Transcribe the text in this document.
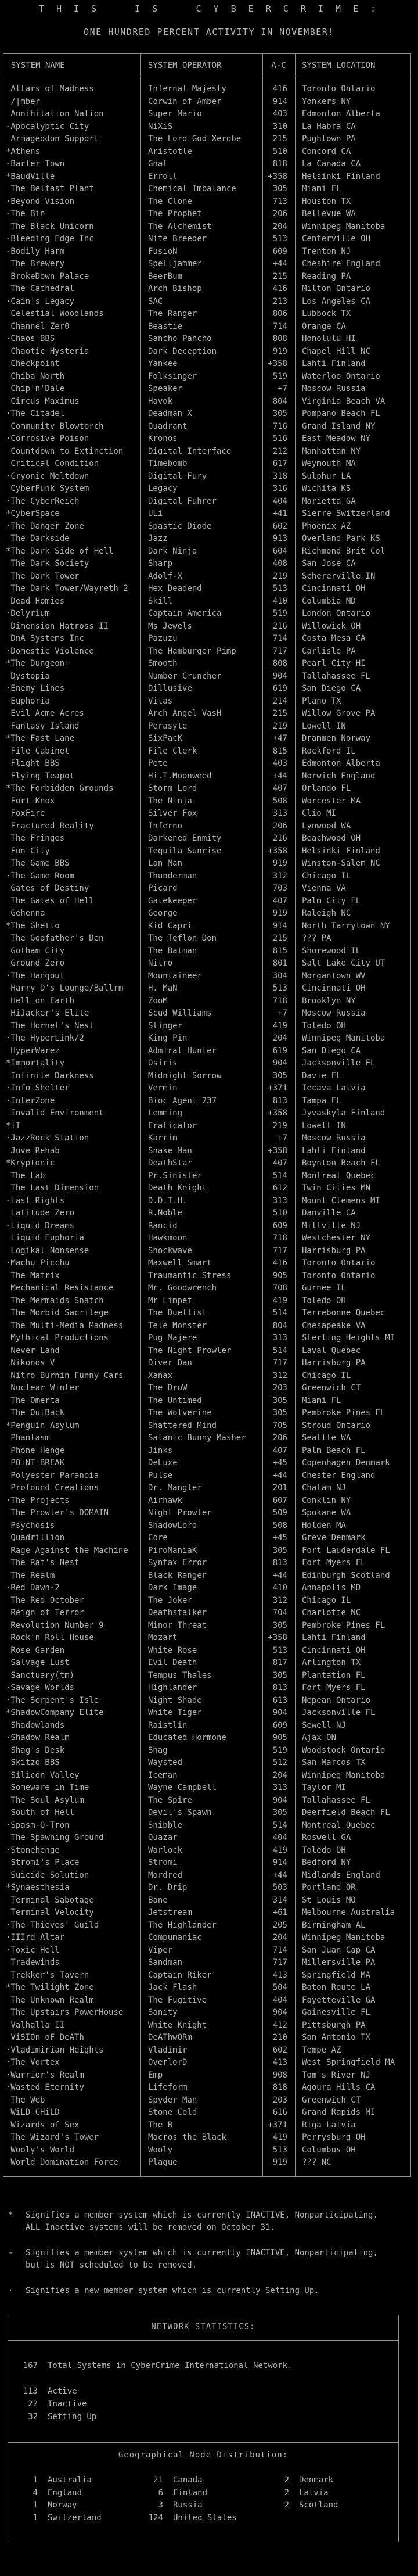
T H I S    I S    C Y B E R C R I M E :
ONE HUNDRED PERCENT ACTIVITY IN NOVEMBER!
SYSTEM NAME	SYSTEM OPERATOR	A-C	SYSTEM LOCATION
Altars of Madness	Infernal Majesty	416	Toronto Ontario
/|mber	Corwin of Amber	914	Yonkers NY
Annihilation Nation	Super Mario	403	Edmonton Alberta
-Apocalyptic City	NiXiS	310	La Habra CA
Armageddon Support	The Lord God Xerobe	215	Pughtown PA
*Athens	Aristotle	510	Concord CA
-Barter Town	Gnat	818	La Canada CA
*BaudVille	Erroll	+358	Helsinki Finland
The Belfast Plant	Chemical Imbalance	305	Miami FL
·Beyond Vision	The Clone	713	Houston TX
-The Bin	The Prophet	206	Bellevue WA
The Black Unicorn	The Alchemist	204	Winnipeg Manitoba
-Bleeding Edge Inc	Nite Breeder	513	Centerville OH
-Bodily Harm	FusioN	609	Trenton NJ
The Brewery	Spelljammer	+44	Cheshire England
BrokeDown Palace	BeerBum	215	Reading PA
The Cathedral	Arch Bishop	416	Milton Ontario
·Cain's Legacy	SAC	213	Los Angeles CA
Celestial Woodlands	The Ranger	806	Lubbock TX
Channel Zer0	Beastie	714	Orange CA
·Chaos BBS	Sancho Pancho	808	Honolulu HI
Chaotic Hysteria	Dark Deception	919	Chapel Hill NC
Checkpoint	Yankee	+358	Lahti Finland
Chiba North	Folksinger	519	Waterloo Ontario
Chip'n'Dale	Speaker	+7	Moscow Russia
Circus Maximus	Havok	804	Virginia Beach VA
·The Citadel	Deadman X	305	Pompano Beach FL
Community Blowtorch	Quadrant	716	Grand Island NY
·Corrosive Poison	Kronos	516	East Meadow NY
Countdown to Extinction	Digital Interface	212	Manhattan NY
Critical Condition	Timebomb	617	Weymouth MA
·Cryonic Meltdown	Digital Fury	318	Sulphur LA
CyberPunk System	Legacy	316	Wichita KS
·The CyberReich	Digital Fuhrer	404	Marietta GA
*CyberSpace	ULi	+41	Sierre Switzerland
·The Danger Zone	Spastic Diode	602	Phoenix AZ
The Darkside	Jazz	913	Overland Park KS
*The Dark Side of Hell	Dark Ninja	604	Richmond Brit Col
The Dark Society	Sharp	408	San Jose CA
The Dark Tower	Adolf-X	219	Schererville IN
The Dark Tower/Wayreth 2	Hex Deadend	513	Cincinnati OH
Dead Homies	Skill	410	Columbia MD
·Delyrium	Captain America	519	London Ontario
Dimension Hatross II	Ms Jewels	216	Willowick OH
DnA Systems Inc	Pazuzu	714	Costa Mesa CA
·Domestic Violence	The Hamburger Pimp	717	Carlisle PA
*The Dungeon+	Smooth	808	Pearl City HI
Dystopia	Number Cruncher	904	Tallahassee FL
·Enemy Lines	Dillusive	619	San Diego CA
Euphoria	Vitas	214	Plano TX
Evil Acme Acres	Arch Angel VasH	215	Willow Grove PA
Fantasy Island	Perasyte	219	Lowell IN
*The Fast Lane	SixPacK	+47	Drammen Norway
File Cabinet	File Clerk	815	Rockford IL
Flight BBS	Pete	403	Edmonton Alberta
Flying Teapot	Hi.T.Moonweed	+44	Norwich England
*The Forbidden Grounds	Storm Lord	407	Orlando FL
Fort Knox	The Ninja	508	Worcester MA
FoxFire	Silver Fox	313	Clio MI
Fractured Reality	Inferno	206	Lynwood WA
The Fringes	Darkened Enmity	216	Beachwood OH
Fun City	Tequila Sunrise	+358	Helsinki Finland
The Game BBS	Lan Man	919	Winston-Salem NC
·The Game Room	Thunderman	312	Chicago IL
Gates of Destiny	Picard	703	Vienna VA
The Gates of Hell	Gatekeeper	407	Palm City FL
Gehenna	George	919	Raleigh NC
*The Ghetto	Kid Capri	914	North Tarrytown NY
The Godfather's Den	The Teflon Don	215	??? PA
Gotham City	The Batman	815	Shorewood IL
Ground Zero	Nitro	801	Salt Lake City UT
·The Hangout	Mountaineer	304	Morgantown WV
Harry D's Lounge/Ballrm	H. MaN	513	Cincinnati OH
Hell on Earth	ZooM	718	Brooklyn NY
HiJacker's Elite	Scud Williams	+7	Moscow Russia
The Hornet's Nest	Stinger	419	Toledo OH
·The HyperLink/2	King Pin	204	Winnipeg Manitoba
HyperWarez	Admiral Hunter	619	San Diego CA
*Immortality	Osiris	904	Jacksonville FL
Infinite Darkness	Midnight Sorrow	305	Davie FL
·Info Shelter	Vermin	+371	Iecava Latvia
·InterZone	Bioc Agent 237	813	Tampa FL
Invalid Environment	Lemming	+358	Jyvaskyla Finland
*iT	Eraticator	219	Lowell IN
·JazzRock Station	Karrim	+7	Moscow Russia
Juve Rehab	Snake Man	+358	Lahti Finland
*Kryptonic	DeathStar	407	Boynton Beach FL
The Lab	Pr.Sinister	514	Montreal Quebec
The Last Dimension	Death Knight	612	Twin Cities MN
-Last Rights	D.D.T.H.	313	Mount Clemens MI
Latitude Zero	R.Noble	510	Danville CA
-Liquid Dreams	Rancid	609	Millville NJ
Liquid Euphoria	Hawkmoon	718	Westchester NY
Logikal Nonsense	Shockwave	717	Harrisburg PA
·Machu Picchu	Maxwell Smart	416	Toronto Ontario
The Matrix	Traumantic Stress	905	Toronto Ontario
Mechanical Resistance	Mr. Goodwrench	708	Gurnee IL
The Mermaids Snatch	Mr Limpet	419	Toledo OH
The Morbid Sacrilege	The Duellist	514	Terrebonne Quebec
The Multi-Media Madness	Tele Monster	804	Chesapeake VA
Mythical Productions	Pug Majere	313	Sterling Heights MI
Never Land	The Night Prowler	514	Laval Quebec
Nikonos V	Diver Dan	717	Harrisburg PA
Nitro Burnin Funny Cars	Xanax	312	Chicago IL
Nuclear Winter	The DroW	203	Greenwich CT
The Omerta	The Untimed	305	Miami FL
The OutBack	The Wolverine	305	Pembroke Pines FL
*Penguin Asylum	Shattered Mind	705	Stroud Ontario
Phantasm	Satanic Bunny Masher	206	Seattle WA
Phone Henge	Jinks	407	Palm Beach FL
POiNT BREAK	DeLuxe	+45	Copenhagen Denmark
Polyester Paranoia	Pulse	+44	Chester England
Profound Creations	Dr. Mangler	201	Chatam NJ
·The Projects	Airhawk	607	Conklin NY
The Prowler's DOMAIN	Night Prowler	509	Spokane WA
Psychosis	ShadowLord	508	Holden MA
Quadrillion	Core	+45	Greve Denmark
Rage Against the Machine	PiroManiaK	305	Fort Lauderdale FL
The Rat's Nest	Syntax Error	813	Fort Myers FL
The Realm	Black Ranger	+44	Edinburgh Scotland
·Red Dawn-2	Dark Image	410	Annapolis MD
The Red October	The Joker	312	Chicago IL
Reign of Terror	Deathstalker	704	Charlotte NC
Revolution Number 9	Minor Threat	305	Pembroke Pines FL
Rock'n Roll House	Mozart	+358	Lahti Finland
Rose Garden	White Rose	513	Cincinnati OH
Salvage Lust	Evil Death	817	Arlington TX
Sanctuary(tm)	Tempus Thales	305	Plantation FL
·Savage Worlds	Highlander	813	Fort Myers FL
·The Serpent's Isle	Night Shade	613	Nepean Ontario
*ShadowCompany Elite	White Tiger	904	Jacksonville FL
Shadowlands	Raistlin	609	Sewell NJ
·Shadow Realm	Educated Hormone	905	Ajax ON
Shag's Desk	Shag	519	Woodstock Ontario
Skitzo BBS	Waysted	512	San Marcos TX
Silicon Valley	Iceman	204	Winnipeg Manitoba
Someware in Time	Wayne Campbell	313	Taylor MI
The Soul Asylum	The Spire	904	Tallahassee FL
South of Hell	Devil's Spawn	305	Deerfield Beach FL
·Spasm-O-Tron	Snibble	514	Montreal Quebec
The Spawning Ground	Quazar	404	Roswell GA
·Stonehenge	Warlock	419	Toledo OH
Stromi's Place	Stromi	914	Bedford NY
Suicide Solution	Mordred	+44	Midlands England
*Synaesthesia	Dr. Drip	503	Portland OR
Terminal Sabotage	Bane	314	St Louis MO
Terminal Velocity	Jetstream	+61	Melbourne Australia
·The Thieves' Guild	The Highlander	205	Birmingham AL
·IIIrd Altar	Compumaniac	204	Winnipeg Manitoba
·Toxic Hell	Viper	714	San Juan Cap CA
Tradewinds	Sandman	717	Millersville PA
Trekker's Tavern	Captain Riker	413	Springfield MA
*The Twilight Zone	Jack Flash	504	Baton Route LA
The Unknown Realm	The Fugitive	404	Fayetteville GA
The Upstairs PowerHouse	Sanity	904	Gainesville FL
Valhalla II	White Knight	412	Pittsburgh PA
ViSIOn oF DeATh	DeAThwORm	210	San Antonio TX
·Vladimirian Heights	Vladimir	602	Tempe AZ
·The Vortex	OverlorD	413	West Springfield MA
·Warrior's Realm	Emp	908	Tom's River NJ
·Wasted Eternity	Lifeform	818	Agoura Hills CA
The Web	Spyder Man	203	Greenwich CT
WiLD CHiLD	Stone Cold	616	Grand Rapids MI
Wizards of Sex	The B	+371	Riga Latvia
The Wizard's Tower	Macros the Black	419	Perrysburg OH
Wooly's World	Wooly	513	Columbus OH
World Domination Force	Plague	919	??? NC
*	Signifies a member system which is currently INACTIVE, Nonparticipating.
ALL Inactive systems will be removed on October 31.
-	Signifies a member system which is currently INACTIVE, Nonparticipating,
but is NOT scheduled to be removed.
·	Signifies a new member system which is currently Setting Up.
NETWORK STATISTICS:
167 Total Systems in CyberCrime International Network.
113 Active
22 Inactive
32 Setting Up
Geographical Node Distribution:
1 Australia	21 Canada	2 Denmark
4 England	6 Finland	2 Latvia
1 Norway	3 Russia	2 Scotland
1 Switzerland	124 United States
